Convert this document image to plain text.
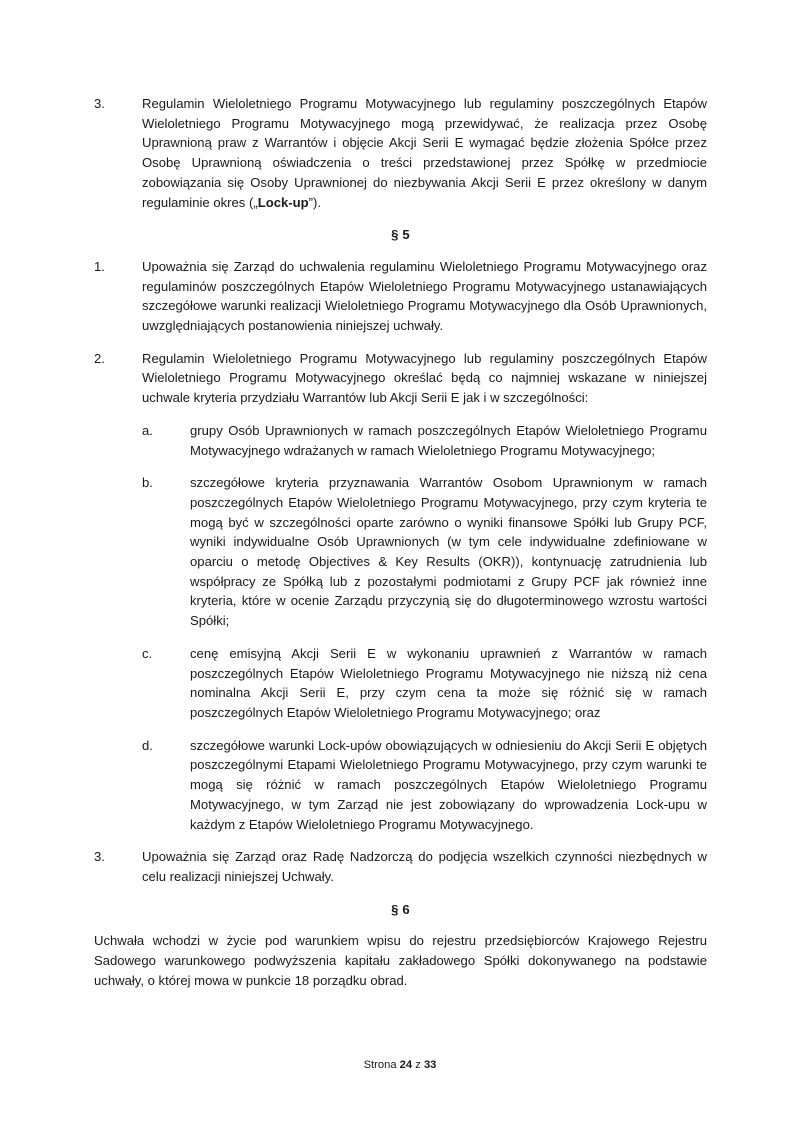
3.	Regulamin Wieloletniego Programu Motywacyjnego lub regulaminy poszczególnych Etapów Wieloletniego Programu Motywacyjnego mogą przewidywać, że realizacja przez Osobę Uprawnioną praw z Warrantów i objęcie Akcji Serii E wymagać będzie złożenia Spółce przez Osobę Uprawnioną oświadczenia o treści przedstawionej przez Spółkę w przedmiocie zobowiązania się Osoby Uprawnionej do niezbywania Akcji Serii E przez określony w danym regulaminie okres („Lock-up”).
§ 5
1.	Upoważnia się Zarząd do uchwalenia regulaminu Wieloletniego Programu Motywacyjnego oraz regulaminów poszczególnych Etapów Wieloletniego Programu Motywacyjnego ustanawiających szczegółowe warunki realizacji Wieloletniego Programu Motywacyjnego dla Osób Uprawnionych, uwzględniających postanowienia niniejszej uchwały.
2.	Regulamin Wieloletniego Programu Motywacyjnego lub regulaminy poszczególnych Etapów Wieloletniego Programu Motywacyjnego określać będą co najmniej wskazane w niniejszej uchwale kryteria przydziału Warrantów lub Akcji Serii E jak i w szczególności:
a.	grupy Osób Uprawnionych w ramach poszczególnych Etapów Wieloletniego Programu Motywacyjnego wdrażanych w ramach Wieloletniego Programu Motywacyjnego;
b.	szczegółowe kryteria przyznawania Warrantów Osobom Uprawnionym w ramach poszczególnych Etapów Wieloletniego Programu Motywacyjnego, przy czym kryteria te mogą być w szczególności oparte zarówno o wyniki finansowe Spółki lub Grupy PCF, wyniki indywidualne Osób Uprawnionych (w tym cele indywidualne zdefiniowane w oparciu o metodę Objectives & Key Results (OKR)), kontynuację zatrudnienia lub współpracy ze Spółką lub z pozostałymi podmiotami z Grupy PCF jak również inne kryteria, które w ocenie Zarządu przyczynią się do długoterminowego wzrostu wartości Spółki;
c.	cenę emisyjną Akcji Serii E w wykonaniu uprawnień z Warrantów w ramach poszczególnych Etapów Wieloletniego Programu Motywacyjnego nie niższą niż cena nominalna Akcji Serii E, przy czym cena ta może się różnić się w ramach poszczególnych Etapów Wieloletniego Programu Motywacyjnego; oraz
d.	szczegółowe warunki Lock-upów obowiązujących w odniesieniu do Akcji Serii E objętych poszczególnymi Etapami Wieloletniego Programu Motywacyjnego, przy czym warunki te mogą się różnić w ramach poszczególnych Etapów Wieloletniego Programu Motywacyjnego, w tym Zarząd nie jest zobowiązany do wprowadzenia Lock-upu w każdym z Etapów Wieloletniego Programu Motywacyjnego.
3.	Upoważnia się Zarząd oraz Radę Nadzorczą do podjęcia wszelkich czynności niezbędnych w celu realizacji niniejszej Uchwały.
§ 6

Uchwała wchodzi w życie pod warunkiem wpisu do rejestru przedsiębiorców Krajowego Rejestru Sadowego warunkowego podwyższenia kapitału zakładowego Spółki dokonywanego na podstawie uchwały, o której mowa w punkcie 18 porządku obrad.

Strona 24 z 33
